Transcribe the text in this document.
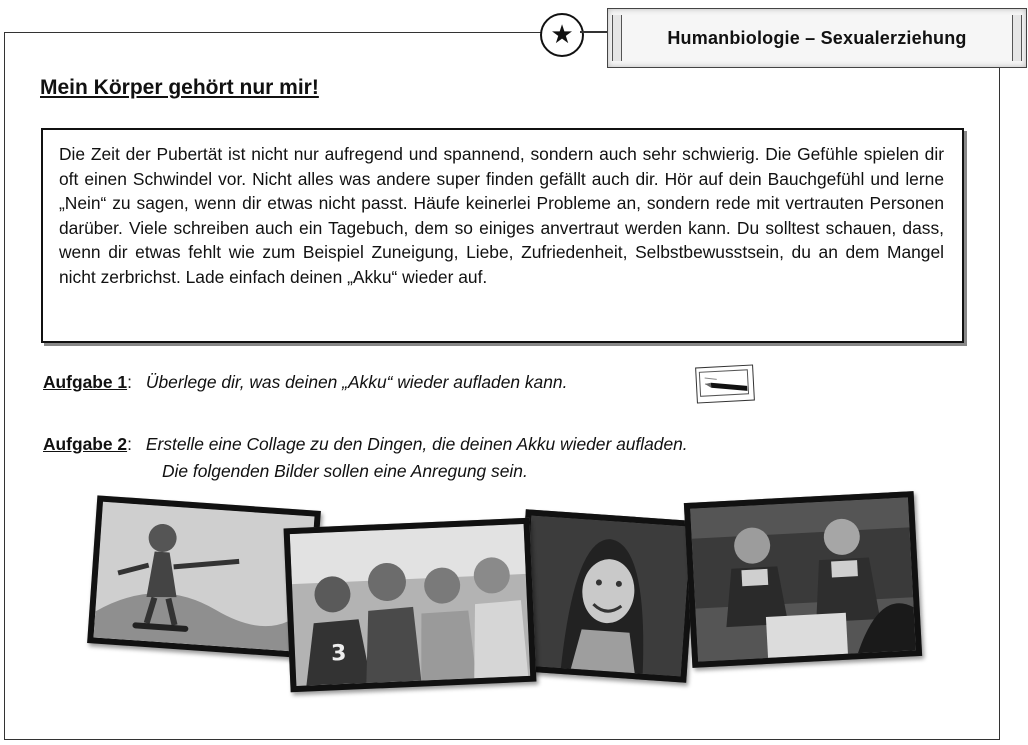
★	Humanbiologie – Sexualerziehung
Mein Körper gehört nur mir!

Die Zeit der Pubertät ist nicht nur aufregend und spannend, sondern auch sehr schwierig. Die Gefühle spielen dir oft einen Schwindel vor. Nicht alles was andere super finden gefällt auch dir. Hör auf dein Bauchgefühl und lerne „Nein“ zu sagen, wenn dir etwas nicht passt. Häufe keinerlei Probleme an, sondern rede mit vertrauten Personen darüber. Viele schreiben auch ein Tagebuch, dem so einiges anvertraut werden kann. Du solltest schauen, dass, wenn dir etwas fehlt wie zum Beispiel Zuneigung, Liebe, Zufriedenheit, Selbstbewusstsein, du an dem Mangel nicht zerbrichst. Lade einfach deinen „Akku“ wieder auf.

Aufgabe 1: Überlege dir, was deinen „Akku“ wieder aufladen kann.
Aufgabe 2: Erstelle eine Collage zu den Dingen, die deinen Akku wieder aufladen.
Die folgenden Bilder sollen eine Anregung sein.
3
